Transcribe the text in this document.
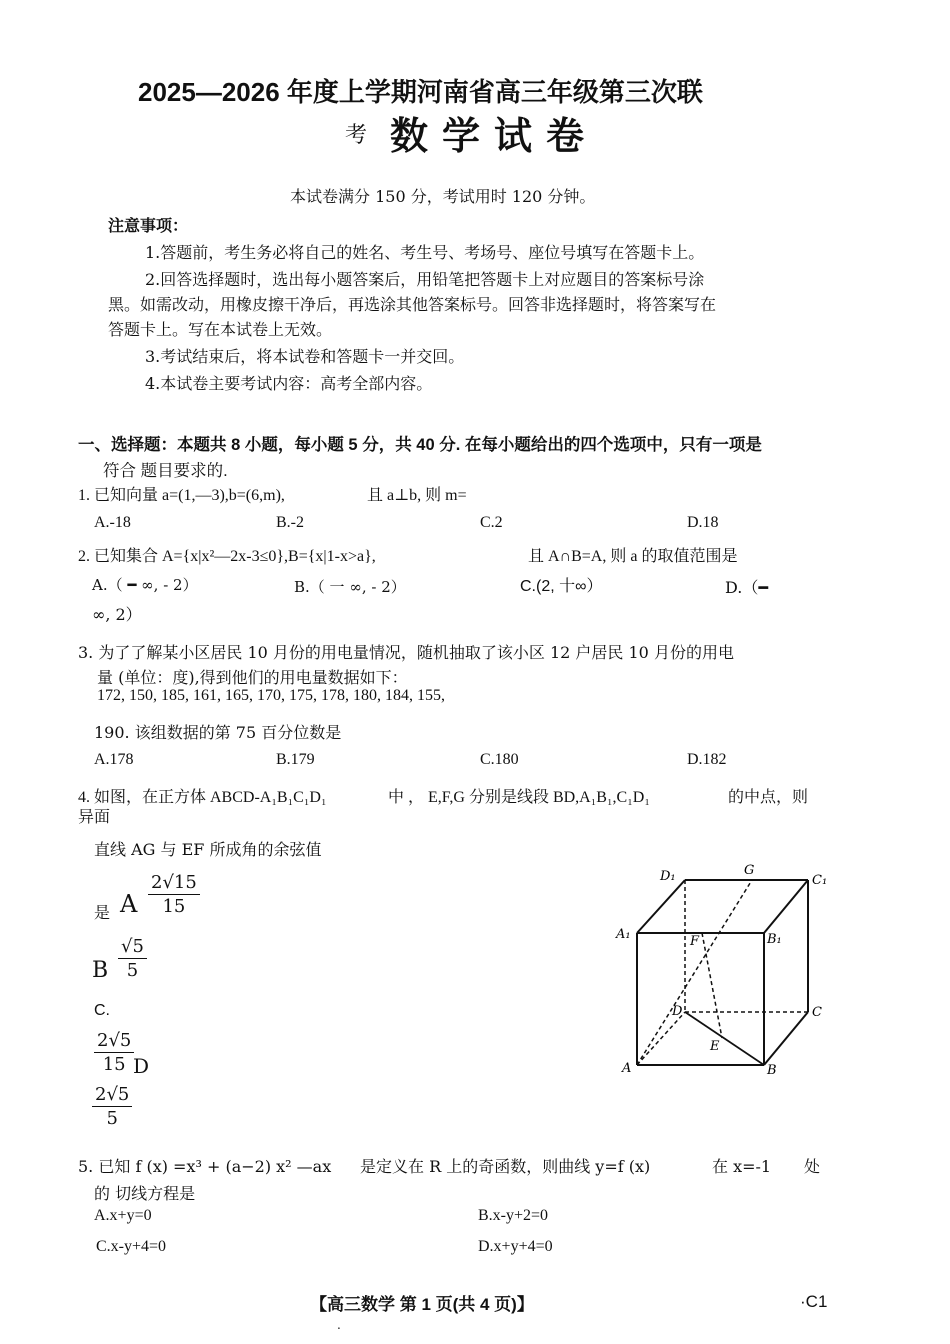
2025—2026 年度上学期河南省高三年级第三次联
考 数学试卷
本试卷满分 150 分，考试用时 120 分钟。
注意事项：
1.答题前，考生务必将自己的姓名、考生号、考场号、座位号填写在答题卡上。
2.回答选择题时，选出每小题答案后，用铅笔把答题卡上对应题目的答案标号涂
黑。如需改动，用橡皮擦干净后，再选涂其他答案标号。回答非选择题时，将答案写在
答题卡上。写在本试卷上无效。
3.考试结束后，将本试卷和答题卡一并交回。
4.本试卷主要考试内容：高考全部内容。
一、选择题：本题共 8 小题，每小题 5 分，共 40 分. 在每小题给出的四个选项中，只有一项是
符合 题目要求的.
1. 已知向量 a=(1,—3),b=(6,m),	且 a⊥b, 则 m=
A.-18	B.-2	C.2	D.18
2. 已知集合 A={x|x²—2x-3≤0},B={x|1-x>a},	且 A∩B=A, 则 a 的取值范围是
A.（ ━ ∞, - 2）	B.（ 一 ∞, - 2）	C.(2, 十∞）	D.（━
∞, 2）
3. 为了了解某小区居民 10 月份的用电量情况，随机抽取了该小区 12 户居民 10 月份的用电
量 (单位：度),得到他们的用电量数据如下：
172, 150, 185, 161, 165, 170, 175, 178, 180, 184, 155,
190. 该组数据的第 75 百分位数是
A.178	B.179	C.180	D.182
4. 如图，在正方体 ABCD-A₁B₁C₁D₁	中 ， E,F,G 分别是线段 BD,A₁B₁,C₁D₁	的中点，则
异面
直线 AG 与 EF 所成角的余弦值
是 A $\frac{2√15}{15}$
B $\frac{√5}{5}$
C.
$\frac{2√5}{15}$
D
$\frac{2√5}{5}$
D₁	G
C₁
A₁	F	B₁
D	C
E
A	B
5. 已知 f (x) =x³ + (a−2) x² —ax 是定义在 R 上的奇函数，则曲线 y=f (x)	在 x=-1 处
的 切线方程是
A.x+y=0	B.x-y+2=0
C.x-y+4=0	D.x+y+4=0
【高三数学 第 1 页(共 4 页)】	·C1
.
